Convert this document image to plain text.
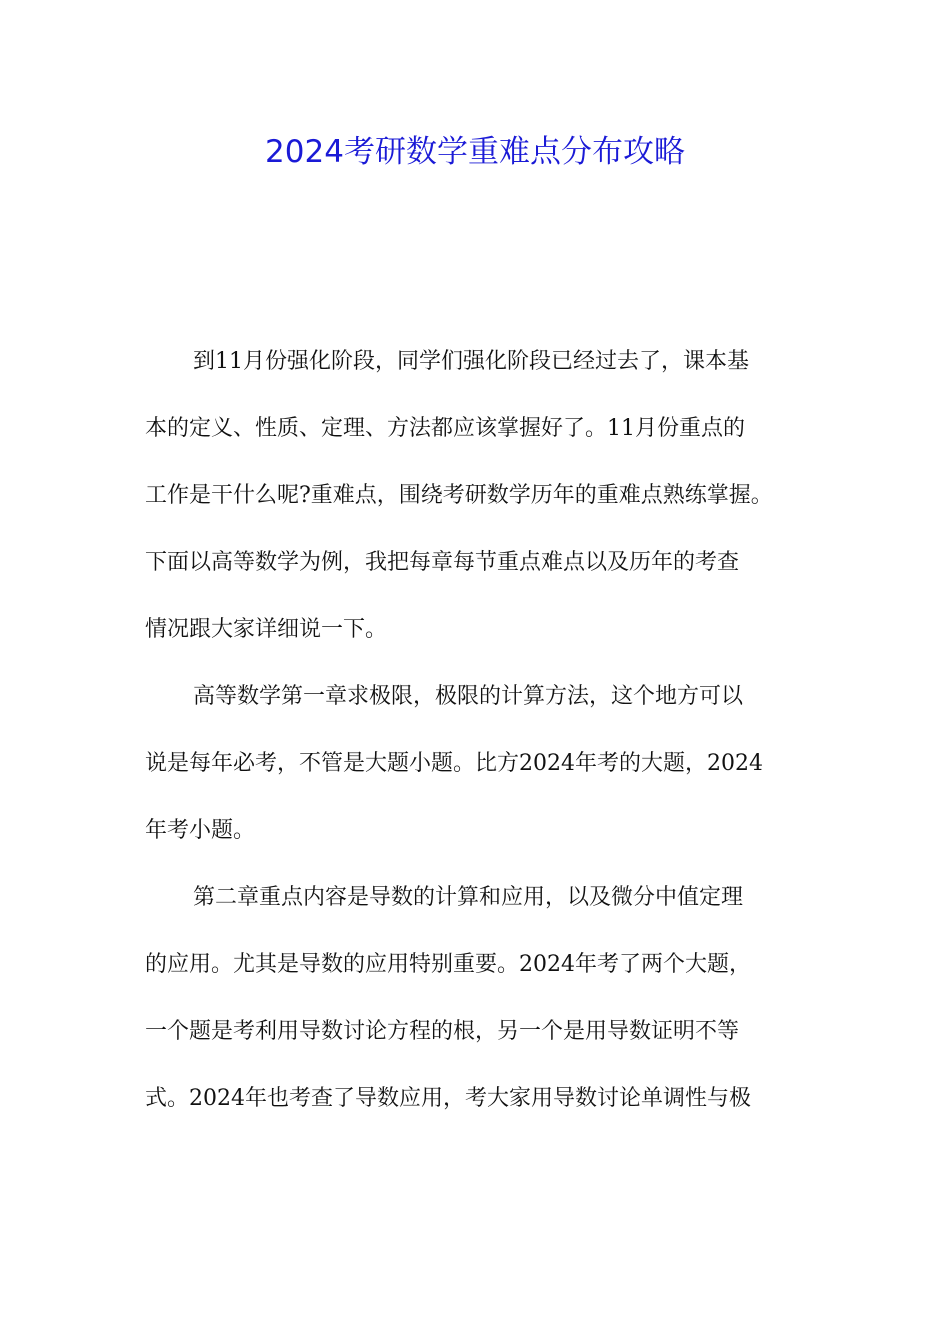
2024考研数学重难点分布攻略
到11月份强化阶段，同学们强化阶段已经过去了，课本基
本的定义、性质、定理、方法都应该掌握好了。11月份重点的
工作是干什么呢?重难点，围绕考研数学历年的重难点熟练掌握。
下面以高等数学为例，我把每章每节重点难点以及历年的考查
情况跟大家详细说一下。
高等数学第一章求极限，极限的计算方法，这个地方可以
说是每年必考，不管是大题小题。比方2024年考的大题，2024
年考小题。
第二章重点内容是导数的计算和应用，以及微分中值定理
的应用。尤其是导数的应用特别重要。2024年考了两个大题，
一个题是考利用导数讨论方程的根，另一个是用导数证明不等
式。2024年也考查了导数应用，考大家用导数讨论单调性与极
